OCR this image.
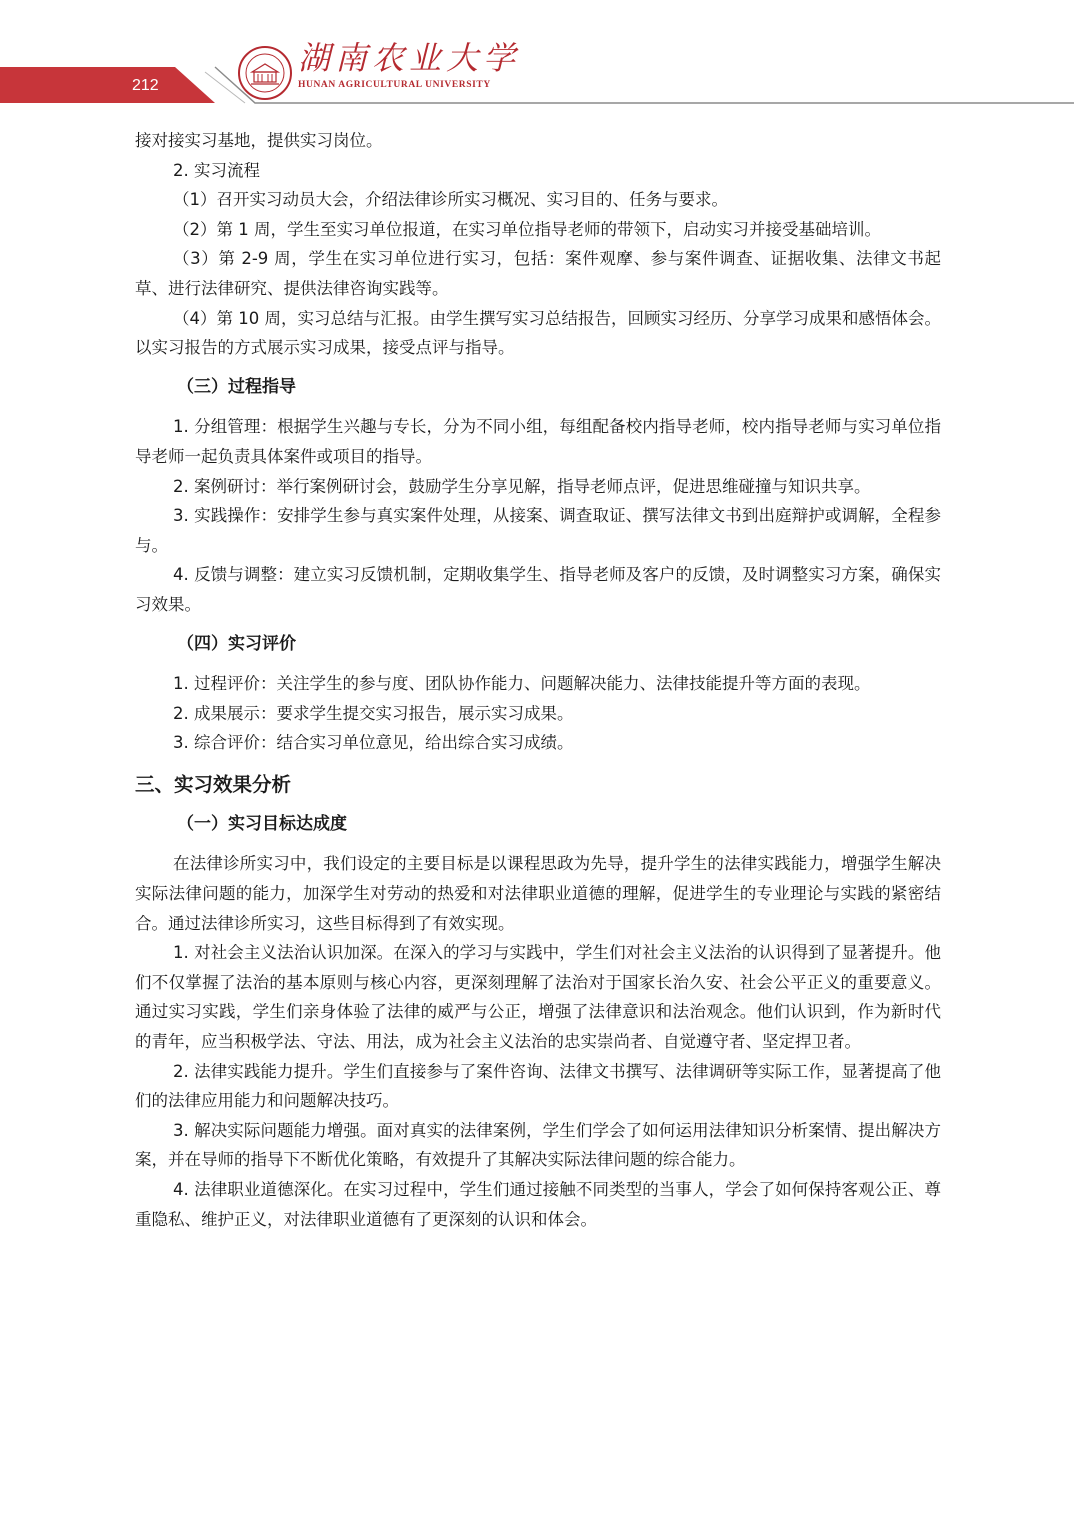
212
湖南农业大学
HUNAN AGRICULTURAL UNIVERSITY

接对接实习基地，提供实习岗位。

2. 实习流程

（1）召开实习动员大会，介绍法律诊所实习概况、实习目的、任务与要求。

（2）第 1 周，学生至实习单位报道，在实习单位指导老师的带领下，启动实习并接受基础培训。

（3）第 2-9 周，学生在实习单位进行实习，包括：案件观摩、参与案件调查、证据收集、法律文书起草、进行法律研究、提供法律咨询实践等。

（4）第 10 周，实习总结与汇报。由学生撰写实习总结报告，回顾实习经历、分享学习成果和感悟体会。以实习报告的方式展示实习成果，接受点评与指导。

（三）过程指导

1. 分组管理：根据学生兴趣与专长，分为不同小组，每组配备校内指导老师，校内指导老师与实习单位指导老师一起负责具体案件或项目的指导。

2. 案例研讨：举行案例研讨会，鼓励学生分享见解，指导老师点评，促进思维碰撞与知识共享。

3. 实践操作：安排学生参与真实案件处理，从接案、调查取证、撰写法律文书到出庭辩护或调解，全程参与。

4. 反馈与调整：建立实习反馈机制，定期收集学生、指导老师及客户的反馈，及时调整实习方案，确保实习效果。

（四）实习评价

1. 过程评价：关注学生的参与度、团队协作能力、问题解决能力、法律技能提升等方面的表现。

2. 成果展示：要求学生提交实习报告，展示实习成果。

3. 综合评价：结合实习单位意见，给出综合实习成绩。

三、实习效果分析
（一）实习目标达成度

在法律诊所实习中，我们设定的主要目标是以课程思政为先导，提升学生的法律实践能力，增强学生解决实际法律问题的能力，加深学生对劳动的热爱和对法律职业道德的理解，促进学生的专业理论与实践的紧密结合。通过法律诊所实习，这些目标得到了有效实现。

1. 对社会主义法治认识加深。在深入的学习与实践中，学生们对社会主义法治的认识得到了显著提升。他们不仅掌握了法治的基本原则与核心内容，更深刻理解了法治对于国家长治久安、社会公平正义的重要意义。通过实习实践，学生们亲身体验了法律的威严与公正，增强了法律意识和法治观念。他们认识到，作为新时代的青年，应当积极学法、守法、用法，成为社会主义法治的忠实崇尚者、自觉遵守者、坚定捍卫者。

2. 法律实践能力提升。学生们直接参与了案件咨询、法律文书撰写、法律调研等实际工作，显著提高了他们的法律应用能力和问题解决技巧。

3. 解决实际问题能力增强。面对真实的法律案例，学生们学会了如何运用法律知识分析案情、提出解决方案，并在导师的指导下不断优化策略，有效提升了其解决实际法律问题的综合能力。

4. 法律职业道德深化。在实习过程中，学生们通过接触不同类型的当事人，学会了如何保持客观公正、尊重隐私、维护正义，对法律职业道德有了更深刻的认识和体会。
